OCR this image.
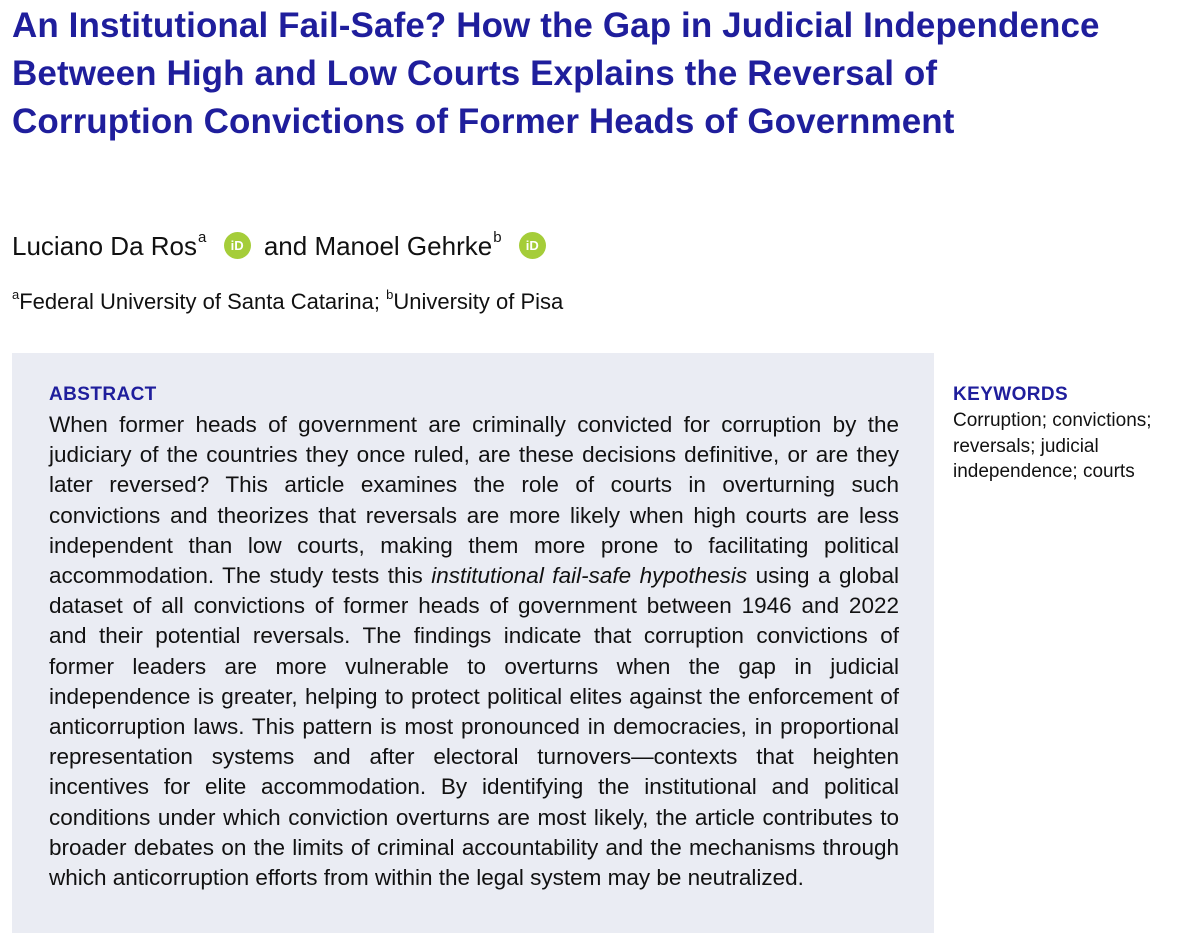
An Institutional Fail-Safe? How the Gap in Judicial Independence Between High and Low Courts Explains the Reversal of Corruption Convictions of Former Heads of Government
Luciano Da Ros$^a$ iD and Manoel Gehrke$^b$ iD
$^a$Federal University of Santa Catarina; $^b$University of Pisa
ABSTRACT

When former heads of government are criminally convicted for corruption by the judiciary of the countries they once ruled, are these decisions definitive, or are they later reversed? This article examines the role of courts in overturning such convictions and theorizes that reversals are more likely when high courts are less independent than low courts, making them more prone to facilitating political accommodation. The study tests this institutional fail-safe hypothesis using a global dataset of all convictions of former heads of government between 1946 and 2022 and their potential reversals. The findings indicate that corruption convictions of former leaders are more vulnerable to overturns when the gap in judicial independence is greater, helping to protect political elites against the enforcement of anticorruption laws. This pattern is most pronounced in democracies, in proportional representation systems and after electoral turnovers—contexts that heighten incentives for elite accommodation. By identifying the institutional and political conditions under which conviction overturns are most likely, the article contributes to broader debates on the limits of criminal accountability and the mechanisms through which anticorruption efforts from within the legal system may be neutralized.

KEYWORDS
Corruption; convictions; reversals; judicial independence; courts
